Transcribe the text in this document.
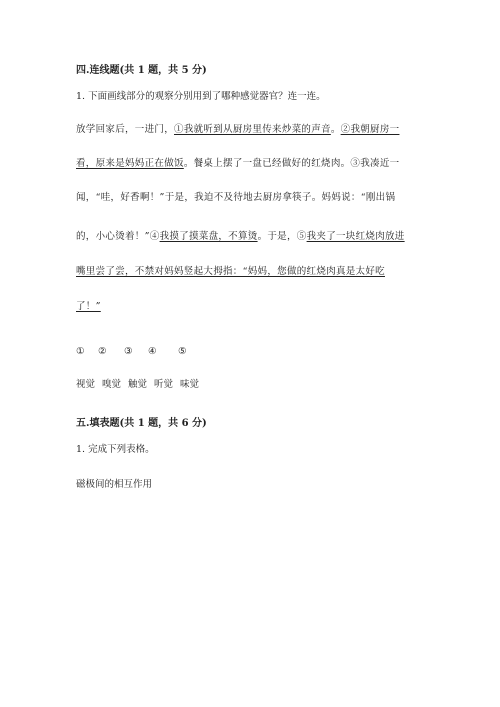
四.连线题(共 1 题，共 5 分)
1. 下面画线部分的观察分别用到了哪种感觉器官？连一连。
放学回家后，一进门，①我就听到从厨房里传来炒菜的声音。②我朝厨房一
看，原来是妈妈正在做饭。餐桌上摆了一盘已经做好的红烧肉。③我凑近一
闻，“哇，好香啊！”于是，我迫不及待地去厨房拿筷子。妈妈说：“刚出锅
的，小心烫着！”④我摸了摸菜盘，不算烫。于是，⑤我夹了一块红烧肉放进
嘴里尝了尝，不禁对妈妈竖起大拇指：“妈妈，您做的红烧肉真是太好吃
了！”
① ② ③ ④ ⑤
视觉 嗅觉 触觉 听觉 味觉
五.填表题(共 1 题，共 6 分)
1. 完成下列表格。
磁极间的相互作用
